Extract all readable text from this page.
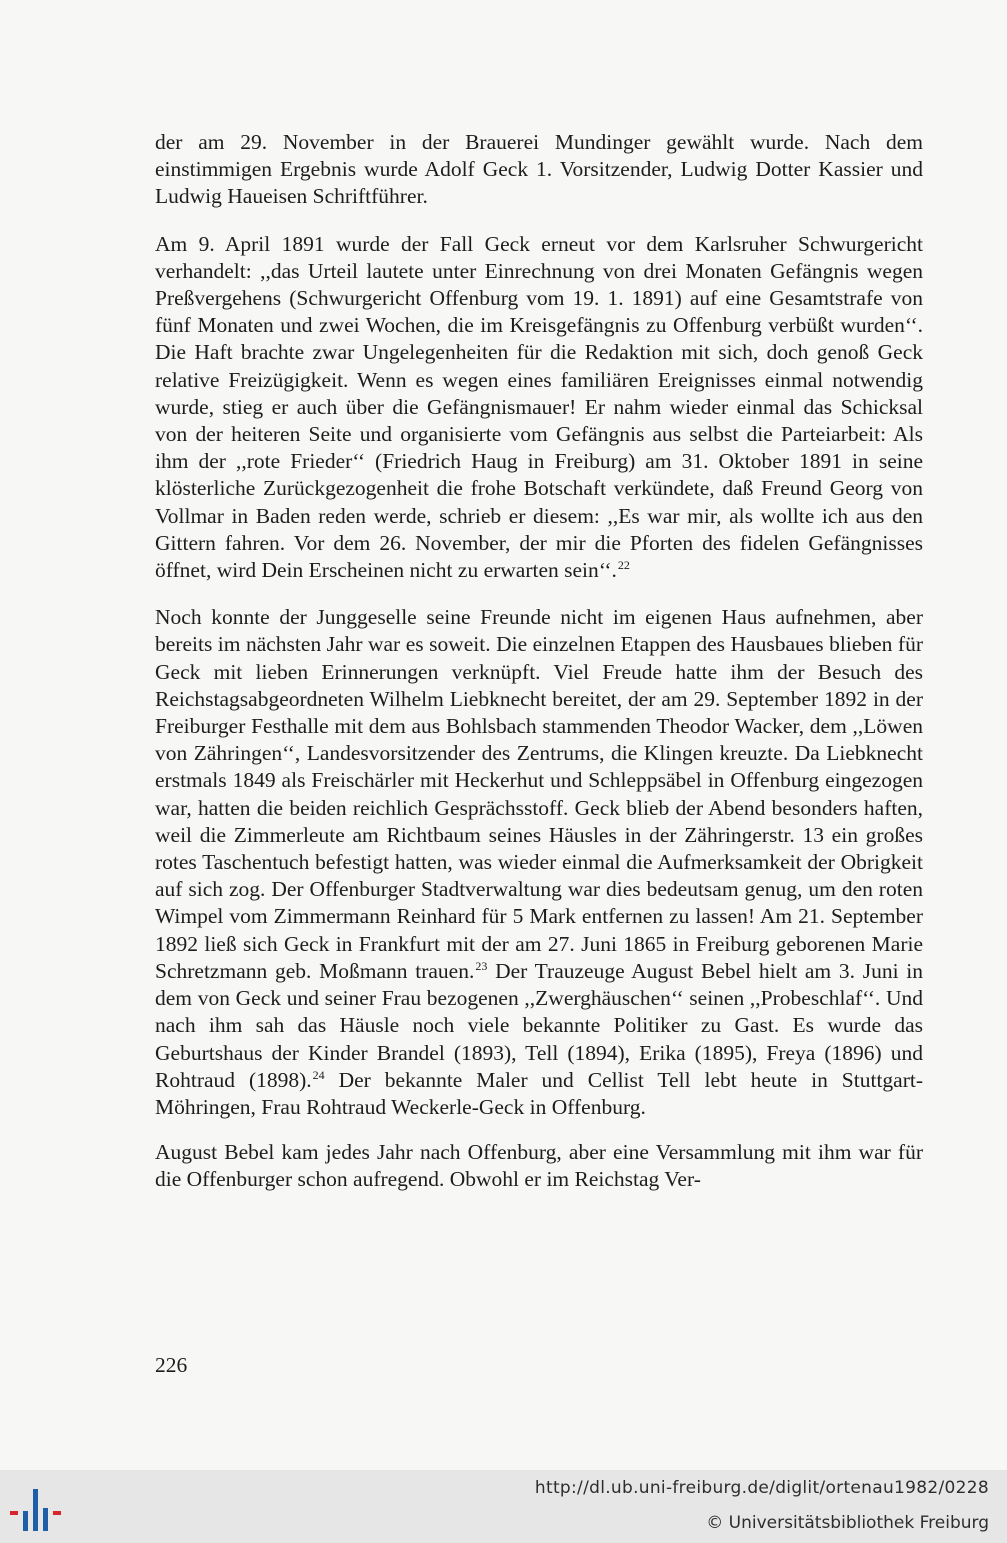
der am 29. November in der Brauerei Mundinger gewählt wurde. Nach dem einstimmigen Ergebnis wurde Adolf Geck 1. Vorsitzender, Ludwig Dotter Kassier und Ludwig Haueisen Schriftführer.

Am 9. April 1891 wurde der Fall Geck erneut vor dem Karlsruher Schwurgericht verhandelt: ,,das Urteil lautete unter Einrechnung von drei Monaten Gefängnis wegen Preßvergehens (Schwurgericht Offenburg vom 19. 1. 1891) auf eine Gesamtstrafe von fünf Monaten und zwei Wochen, die im Kreisgefängnis zu Offenburg verbüßt wurden‘‘. Die Haft brachte zwar Ungelegenheiten für die Redaktion mit sich, doch genoß Geck relative Freizügigkeit. Wenn es wegen eines familiären Ereignisses einmal notwendig wurde, stieg er auch über die Gefängnismauer! Er nahm wieder einmal das Schicksal von der heiteren Seite und organisierte vom Gefängnis aus selbst die Parteiarbeit: Als ihm der ,,rote Frieder‘‘ (Friedrich Haug in Freiburg) am 31. Oktober 1891 in seine klösterliche Zurückgezogenheit die frohe Botschaft verkündete, daß Freund Georg von Vollmar in Baden reden werde, schrieb er diesem: ,,Es war mir, als wollte ich aus den Gittern fahren. Vor dem 26. November, der mir die Pforten des fidelen Gefängnisses öffnet, wird Dein Erscheinen nicht zu erwarten sein‘‘.$^{22}$

Noch konnte der Junggeselle seine Freunde nicht im eigenen Haus aufnehmen, aber bereits im nächsten Jahr war es soweit. Die einzelnen Etappen des Hausbaues blieben für Geck mit lieben Erinnerungen verknüpft. Viel Freude hatte ihm der Besuch des Reichstagsabgeordneten Wilhelm Liebknecht bereitet, der am 29. September 1892 in der Freiburger Festhalle mit dem aus Bohlsbach stammenden Theodor Wacker, dem ,,Löwen von Zähringen‘‘, Landesvorsitzender des Zentrums, die Klingen kreuzte. Da Liebknecht erstmals 1849 als Freischärler mit Heckerhut und Schleppsäbel in Offenburg eingezogen war, hatten die beiden reichlich Gesprächsstoff. Geck blieb der Abend besonders haften, weil die Zimmerleute am Richtbaum seines Häusles in der Zähringerstr. 13 ein großes rotes Taschentuch befestigt hatten, was wieder einmal die Aufmerksamkeit der Obrigkeit auf sich zog. Der Offenburger Stadtverwaltung war dies bedeutsam genug, um den roten Wimpel vom Zimmermann Reinhard für 5 Mark entfernen zu lassen! Am 21. September 1892 ließ sich Geck in Frankfurt mit der am 27. Juni 1865 in Freiburg geborenen Marie Schretzmann geb. Moßmann trauen.$^{23}$ Der Trauzeuge August Bebel hielt am 3. Juni in dem von Geck und seiner Frau bezogenen ,,Zwerghäuschen‘‘ seinen ,,Probeschlaf‘‘. Und nach ihm sah das Häusle noch viele bekannte Politiker zu Gast. Es wurde das Geburtshaus der Kinder Brandel (1893), Tell (1894), Erika (1895), Freya (1896) und Rohtraud (1898).$^{24}$ Der bekannte Maler und Cellist Tell lebt heute in Stuttgart-Möhringen, Frau Rohtraud Weckerle-Geck in Offenburg.

August Bebel kam jedes Jahr nach Offenburg, aber eine Versammlung mit ihm war für die Offenburger schon aufregend. Obwohl er im Reichstag Ver-

226
http://dl.ub.uni-freiburg.de/diglit/ortenau1982/0228
© Universitätsbibliothek Freiburg
